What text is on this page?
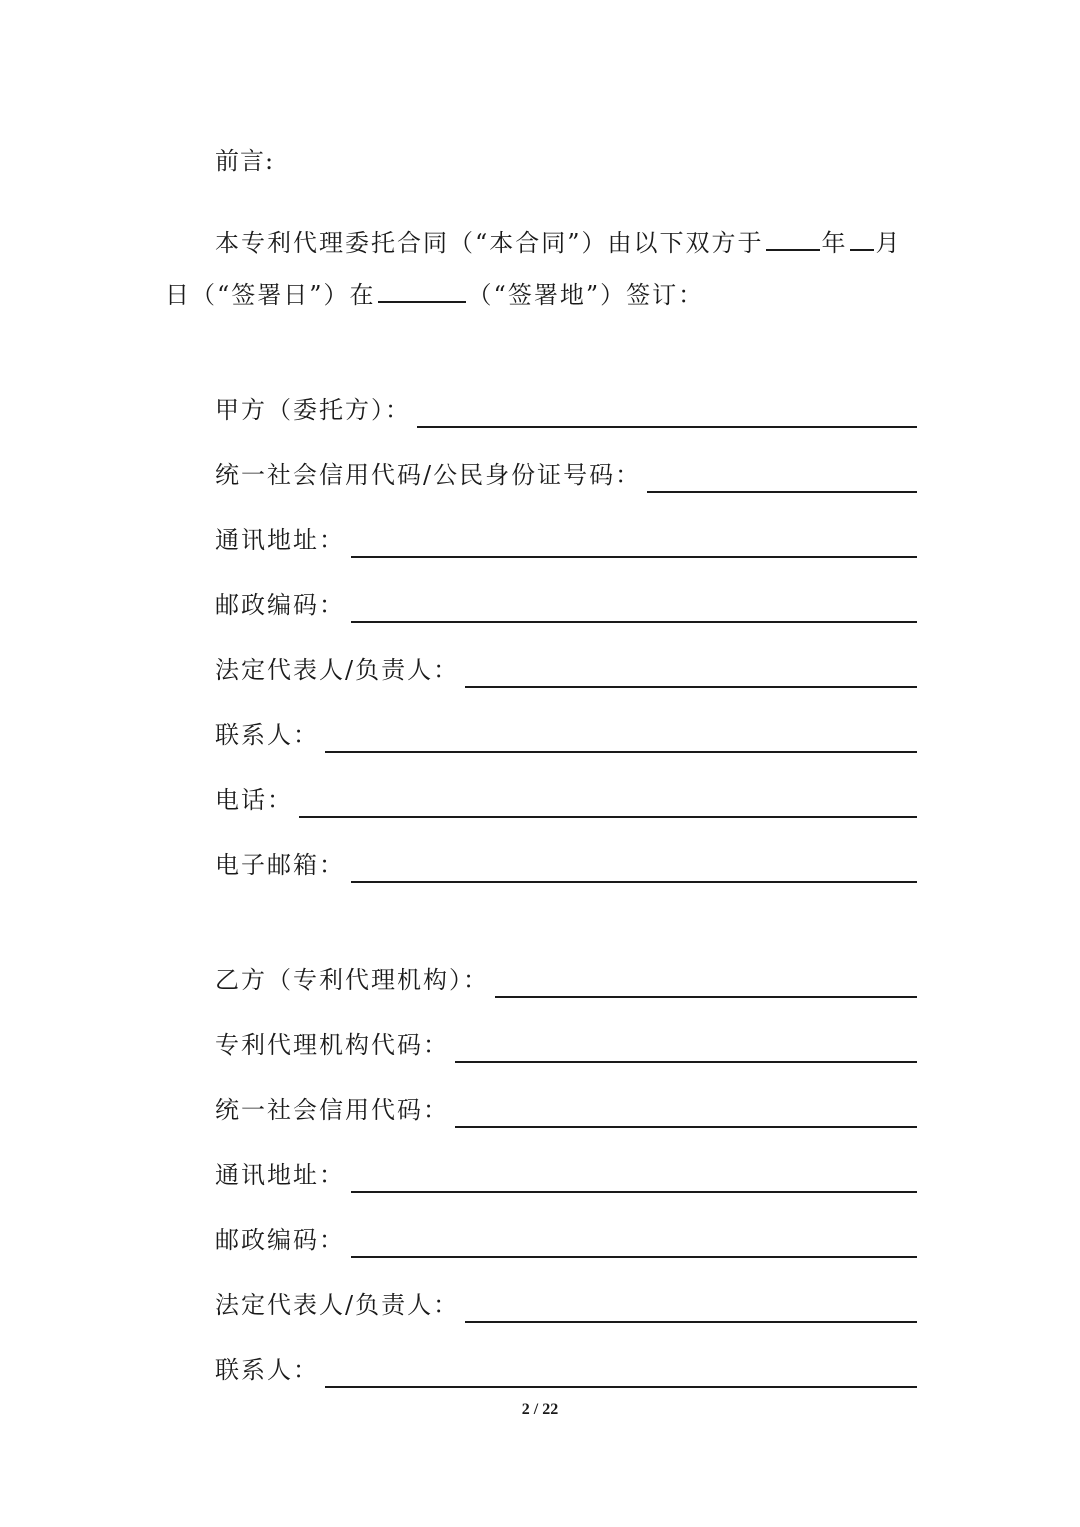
前言:
本专利代理委托合同（“本合同”）由以下双方于 年 月
日（“签署日”）在	（“签署地”）签订：
甲方（委托方）：
统一社会信用代码/公民身份证号码：
通讯地址：
邮政编码：
法定代表人/负责人：
联系人：
电话：
电子邮箱：
乙方（专利代理机构）：
专利代理机构代码：
统一社会信用代码：
通讯地址：
邮政编码：
法定代表人/负责人：
联系人：
2 / 22
